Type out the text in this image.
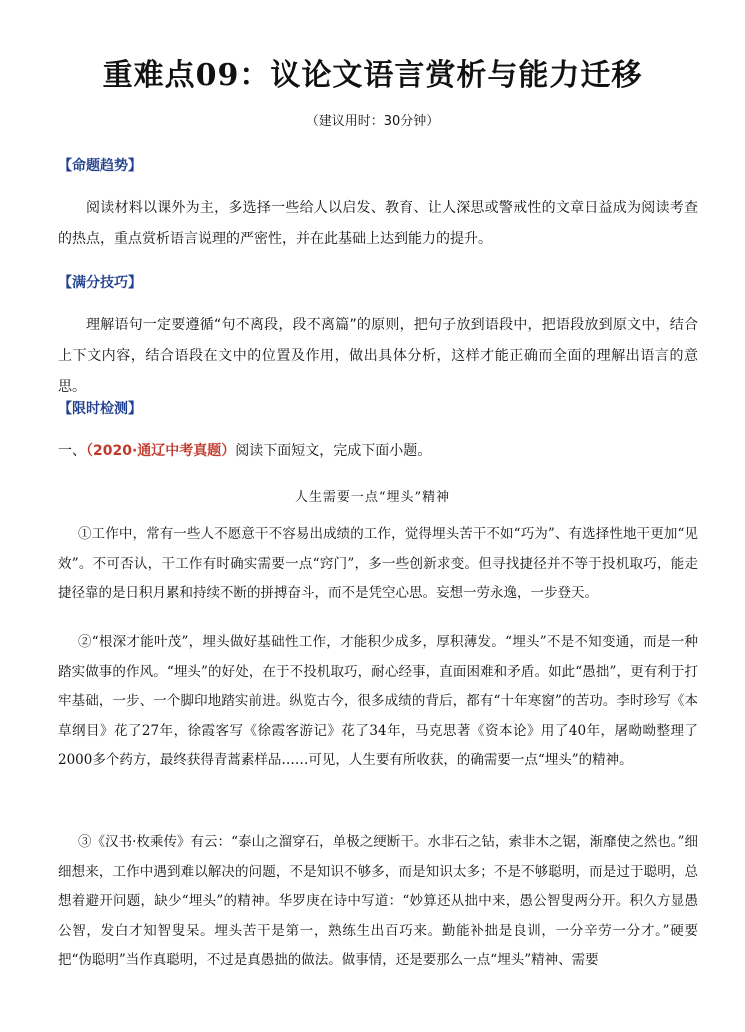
重难点09：议论文语言赏析与能力迁移
（建议用时：30分钟）
【命题趋势】
阅读材料以课外为主，多选择一些给人以启发、教育、让人深思或警戒性的文章日益成为阅读考查的热点，重点赏析语言说理的严密性，并在此基础上达到能力的提升。
【满分技巧】
理解语句一定要遵循“句不离段，段不离篇”的原则，把句子放到语段中，把语段放到原文中，结合上下文内容，结合语段在文中的位置及作用，做出具体分析，这样才能正确而全面的理解出语言的意思。
【限时检测】
一、（2020·通辽中考真题）阅读下面短文，完成下面小题。
人生需要一点“埋头”精神
①工作中，常有一些人不愿意干不容易出成绩的工作，觉得埋头苦干不如“巧为”、有选择性地干更加“见效”。不可否认，干工作有时确实需要一点“窍门”，多一些创新求变。但寻找捷径并不等于投机取巧，能走捷径靠的是日积月累和持续不断的拼搏奋斗，而不是凭空心思。妄想一劳永逸，一步登天。
②“根深才能叶茂”，埋头做好基础性工作，才能积少成多，厚积薄发。“埋头”不是不知变通，而是一种踏实做事的作风。“埋头”的好处，在于不投机取巧，耐心经事，直面困难和矛盾。如此“愚拙”，更有利于打牢基础，一步、一个脚印地踏实前进。纵览古今，很多成绩的背后，都有“十年寒窗”的苦功。李时珍写《本草纲目》花了27年，徐霞客写《徐霞客游记》花了34年，马克思著《资本论》用了40年，屠呦呦整理了2000多个药方，最终获得青蒿素样品……可见，人生要有所收获，的确需要一点“埋头”的精神。
③《汉书·枚乘传》有云：“泰山之溜穿石，单极之绠断干。水非石之钻，索非木之锯，渐靡使之然也。”细细想来，工作中遇到难以解决的问题，不是知识不够多，而是知识太多；不是不够聪明，而是过于聪明，总想着避开问题，缺少“埋头”的精神。华罗庚在诗中写道：“妙算还从拙中来，愚公智叟两分开。积久方显愚公智，发白才知智叟呆。埋头苦干是第一，熟练生出百巧来。勤能补拙是良训，一分辛劳一分才。”硬要把“伪聪明”当作真聪明，不过是真愚拙的做法。做事情，还是要那么一点“埋头”精神、需要
